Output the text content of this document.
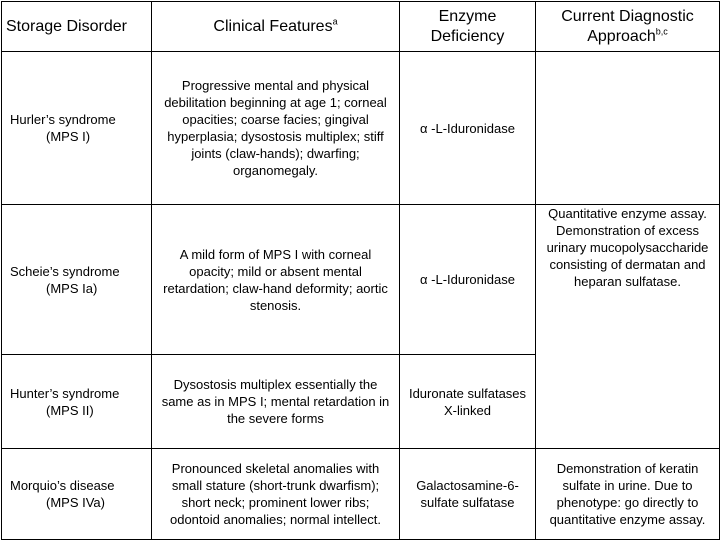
Storage Disorder	Clinical Features$^a$	Enzyme Deficiency	Current Diagnostic Approach$^{b,c}$
Hurler’s syndrome
(MPS I)	Progressive mental and physical debilitation beginning at age 1; corneal opacities; coarse facies; gingival hyperplasia; dysostosis multiplex; stiff joints (claw-hands); dwarfing; organomegaly.	α -L-Iduronidase	
Scheie’s syndrome
(MPS Ia)	A mild form of MPS I with corneal opacity; mild or absent mental retardation; claw-hand deformity; aortic stenosis.	α -L-Iduronidase	Quantitative enzyme assay. Demonstration of excess urinary mucopolysaccharide consisting of dermatan and heparan sulfatase.
Hunter’s syndrome
(MPS II)	Dysostosis multiplex essentially the same as in MPS I; mental retardation in the severe forms	Iduronate sulfatases X-linked	
Morquio’s disease
(MPS IVa)	Pronounced skeletal anomalies with small stature (short-trunk dwarfism); short neck; prominent lower ribs; odontoid anomalies; normal intellect.	Galactosamine-6-sulfate sulfatase	Demonstration of keratin sulfate in urine. Due to phenotype: go directly to quantitative enzyme assay.
